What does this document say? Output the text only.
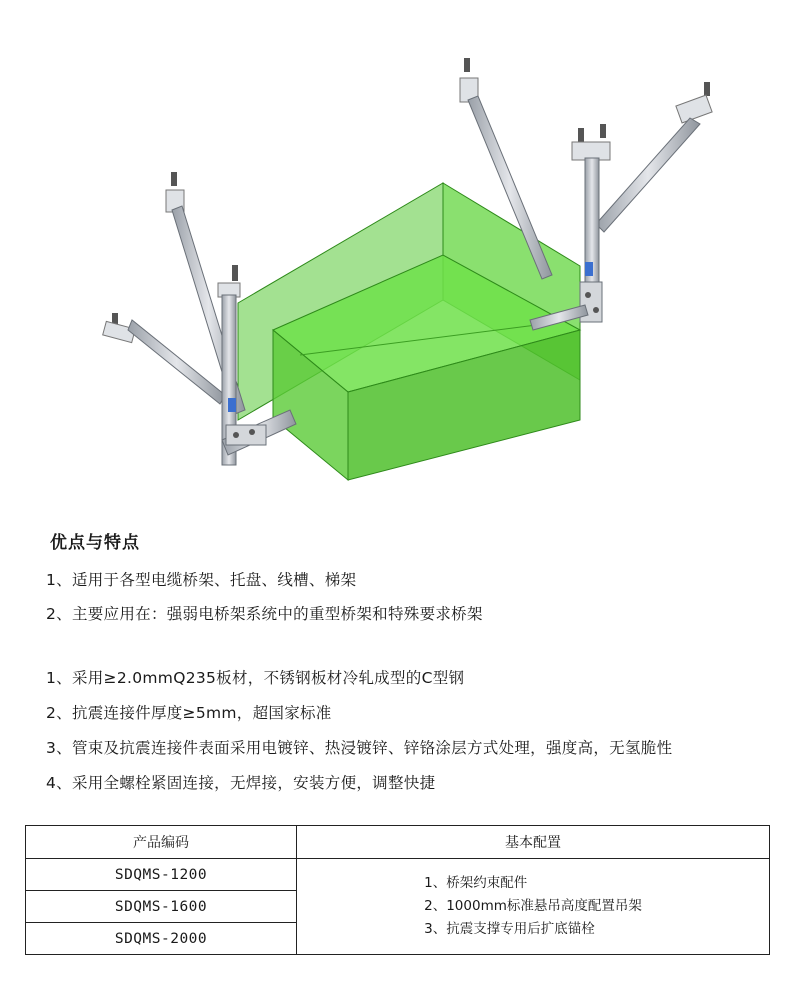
优点与特点
1、适用于各型电缆桥架、托盘、线槽、梯架
2、主要应用在：强弱电桥架系统中的重型桥架和特殊要求桥架
1、采用≥2.0mmQ235板材，不锈钢板材冷轧成型的C型钢
2、抗震连接件厚度≥5mm，超国家标准
3、管束及抗震连接件表面采用电镀锌、热浸镀锌、锌铬涂层方式处理，强度高，无氢脆性
4、采用全螺栓紧固连接，无焊接，安装方便，调整快捷
产品编码	基本配置
SDQMS-1200	1、桥架约束配件
2、1000mm标准悬吊高度配置吊架
3、抗震支撑专用后扩底锚栓

SDQMS-1600	
SDQMS-2000	
